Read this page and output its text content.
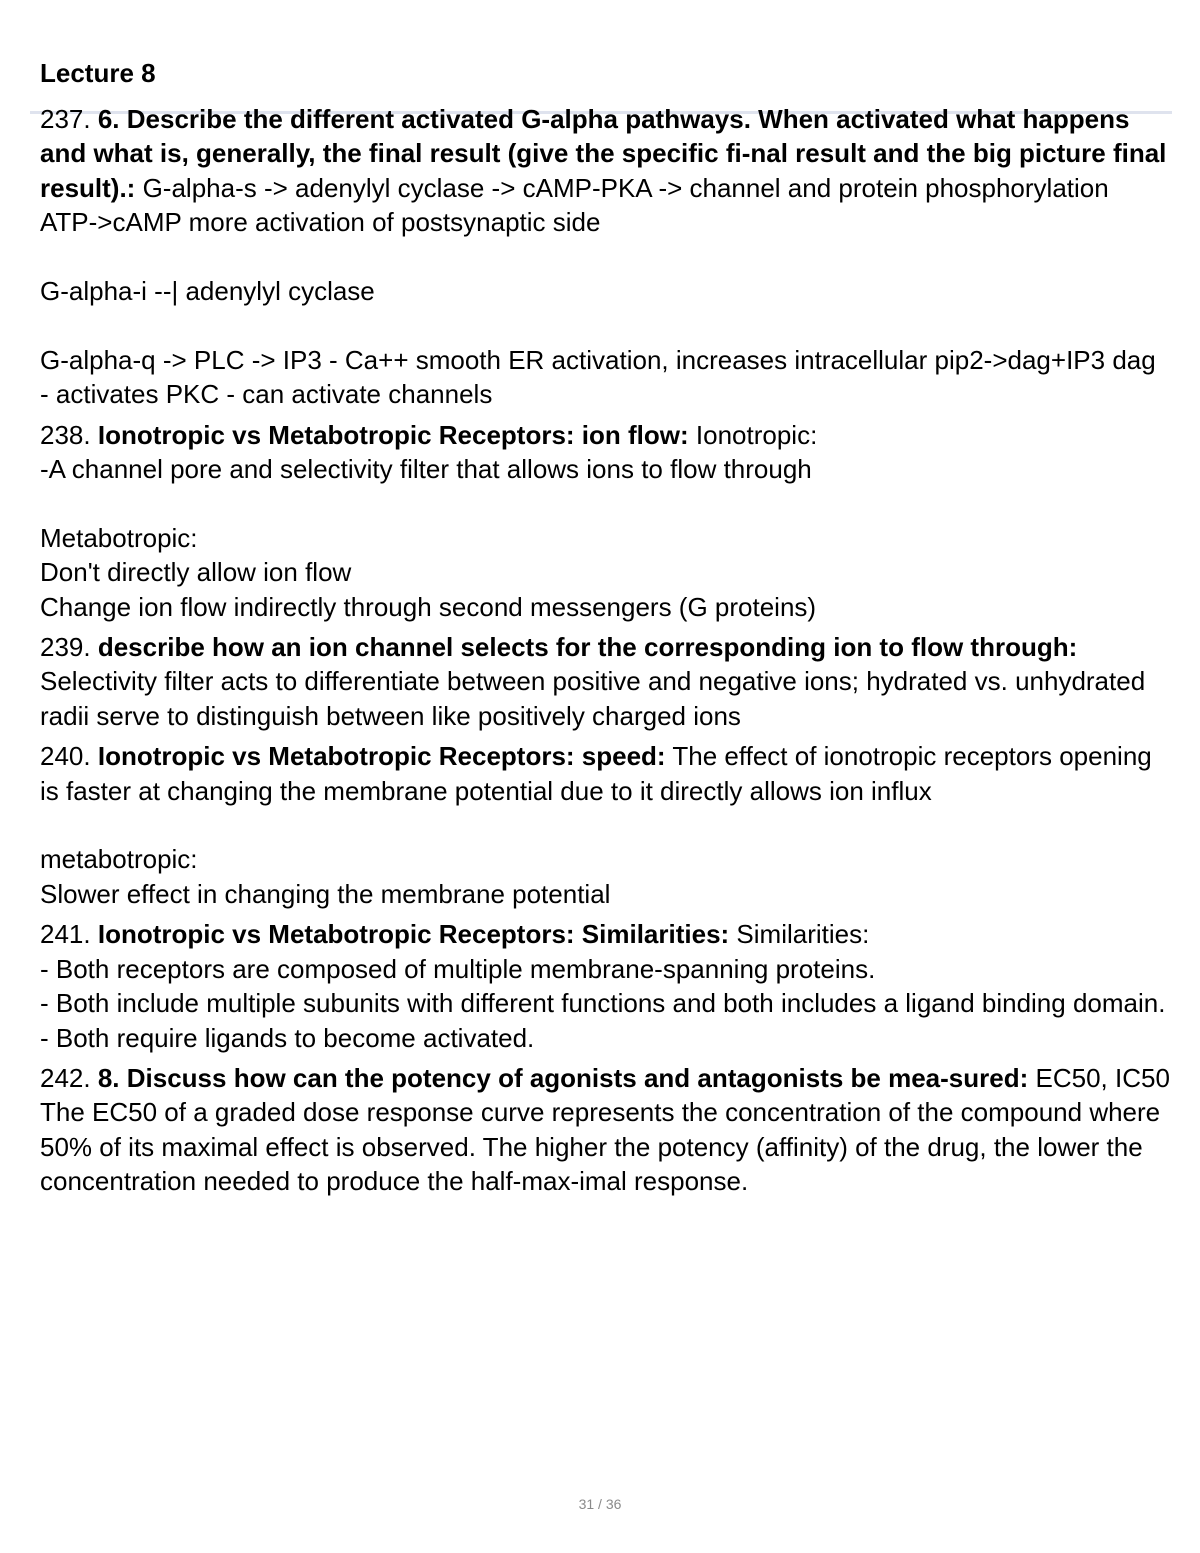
Lecture 8
237. 6. Describe the different activated G-alpha pathways. When activated what happens and what is, generally, the final result (give the specific fi-nal result and the big picture final result).: G-alpha-s -> adenylyl cyclase -> cAMP-PKA -> channel and protein phosphorylation
ATP->cAMP more activation of postsynaptic side
G-alpha-i --| adenylyl cyclase
G-alpha-q -> PLC -> IP3 - Ca++ smooth ER activation, increases intracellular pip2->dag+IP3 dag - activates PKC - can activate channels
238. Ionotropic vs Metabotropic Receptors: ion flow: Ionotropic:
-A channel pore and selectivity filter that allows ions to flow through
Metabotropic:
Don't directly allow ion flow
Change ion flow indirectly through second messengers (G proteins)
239. describe how an ion channel selects for the corresponding ion to flow through: Selectivity filter acts to differentiate between positive and negative ions; hydrated vs. unhydrated radii serve to distinguish between like positively charged ions
240. Ionotropic vs Metabotropic Receptors: speed: The effect of ionotropic receptors opening is faster at changing the membrane potential due to it directly allows ion influx
metabotropic:
Slower effect in changing the membrane potential
241. Ionotropic vs Metabotropic Receptors: Similarities: Similarities:
- Both receptors are composed of multiple membrane-spanning proteins.
- Both include multiple subunits with different functions and both includes a ligand binding domain.
- Both require ligands to become activated.
242. 8. Discuss how can the potency of agonists and antagonists be mea-sured: EC50, IC50
The EC50 of a graded dose response curve represents the concentration of the compound where 50% of its maximal effect is observed. The higher the potency (affinity) of the drug, the lower the concentration needed to produce the half-max-imal response.
31 / 36
